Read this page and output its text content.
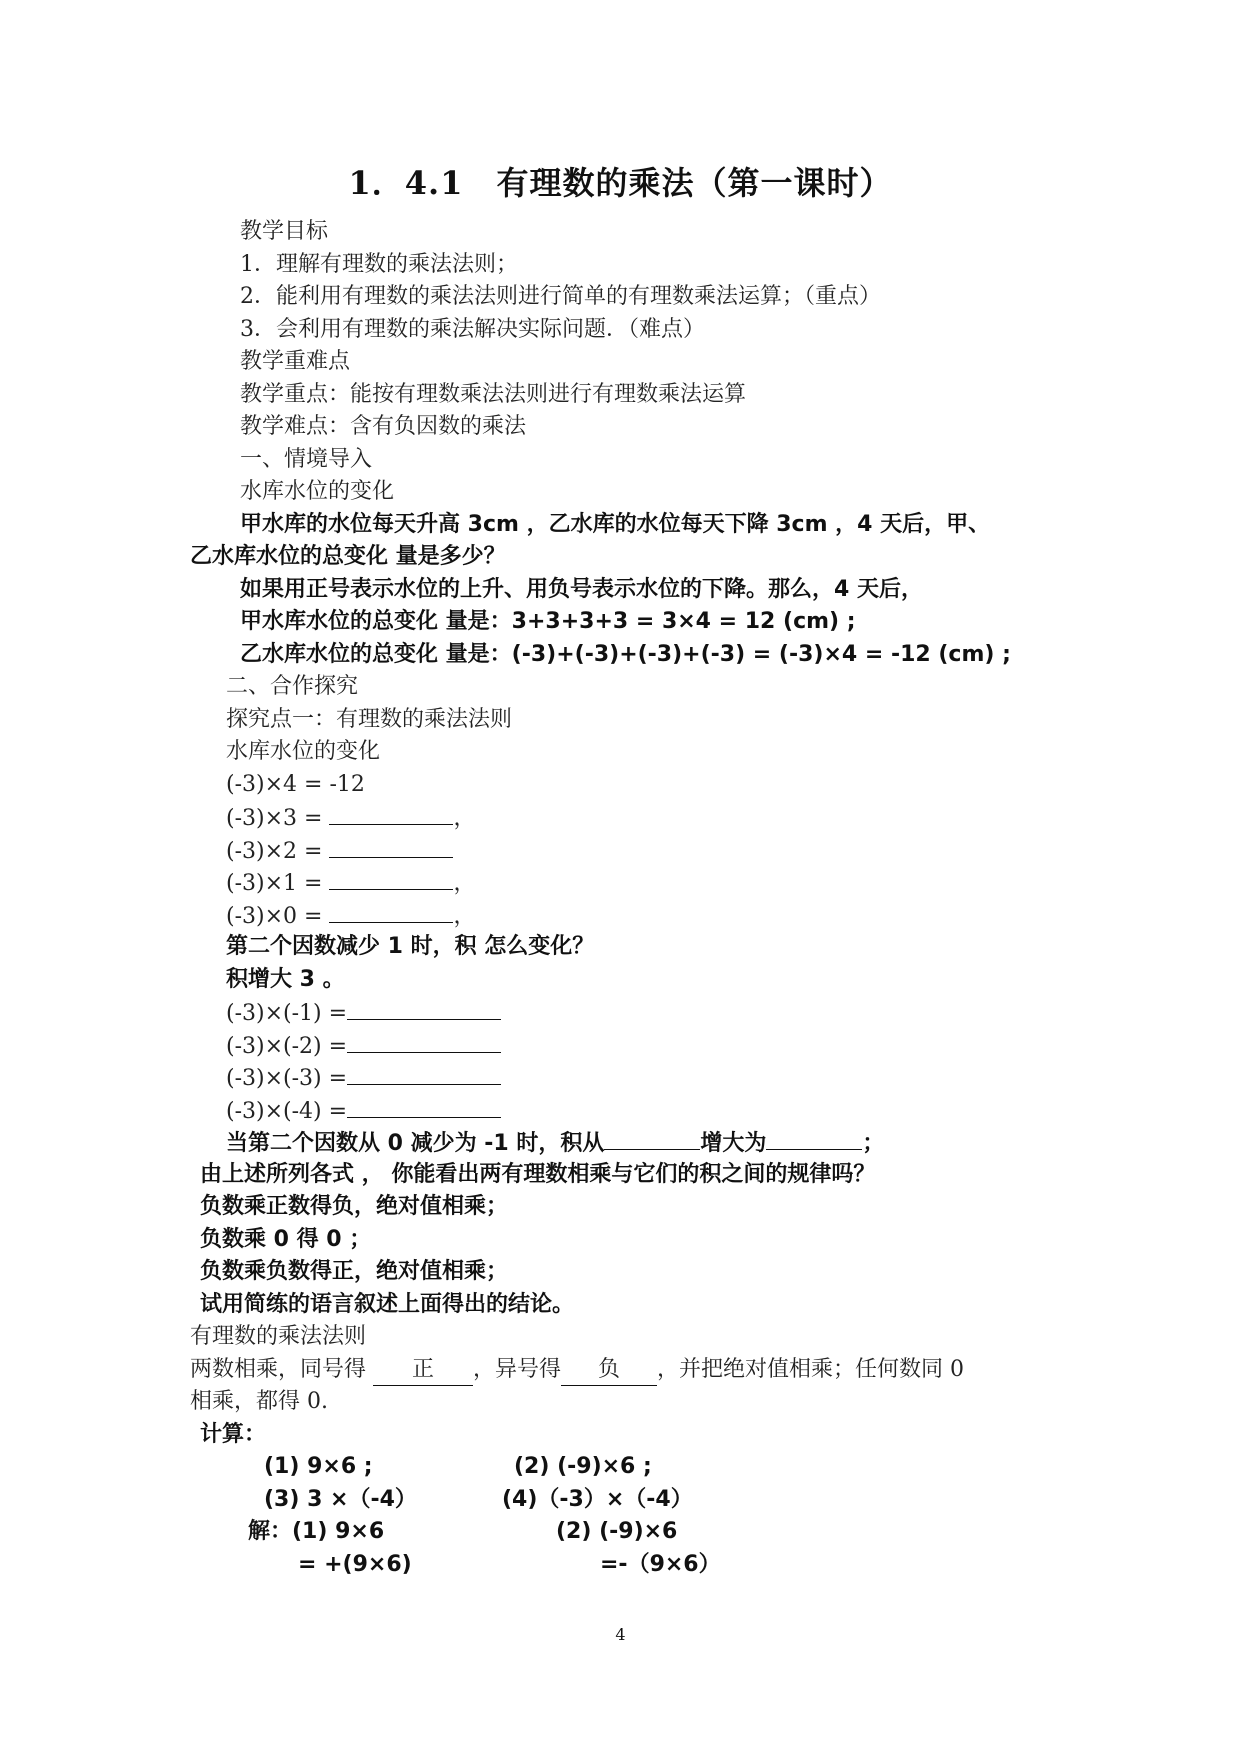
1．4.1　有理数的乘法（第一课时）
教学目标
1．理解有理数的乘法法则；
2．能利用有理数的乘法法则进行简单的有理数乘法运算；（重点）
3．会利用有理数的乘法解决实际问题．（难点）
教学重难点
教学重点：能按有理数乘法法则进行有理数乘法运算
教学难点：含有负因数的乘法
一、情境导入
水库水位的变化
甲水库的水位每天升高 3cm ，乙水库的水位每天下降 3cm ，4 天后，甲、
乙水库水位的总变化 量是多少？
如果用正号表示水位的上升、用负号表示水位的下降。那么，4 天后，
甲水库水位的总变化 量是：3+3+3+3 = 3×4 = 12 (cm) ;
乙水库水位的总变化 量是：(-3)+(-3)+(-3)+(-3) = (-3)×4 = -12 (cm) ;
二、合作探究
探究点一：有理数的乘法法则
水库水位的变化
(-3)×4 = -12
(-3)×3 =	，
(-3)×2 =
(-3)×1 =	，
(-3)×0 =	，
第二个因数减少 1 时，积 怎么变化？
积增大 3 。
(-3)×(-1) =
(-3)×(-2) =
(-3)×(-3) =
(-3)×(-4) =
当第二个因数从 0 减少为 -1 时，积从	增大为	；
由上述所列各式 ， 你能看出两有理数相乘与它们的积之间的规律吗？
负数乘正数得负，绝对值相乘；
负数乘 0 得 0 ；
负数乘负数得正，绝对值相乘；
试用简练的语言叙述上面得出的结论。
有理数的乘法法则
两数相乘，同号得 正 ，异号得 负 ，并把绝对值相乘；任何数同 0
相乘，都得 0.
计算：
(1) 9×6 ;	(2) (-9)×6 ;
(3) 3 ×（-4）	(4)（-3）×（-4）
解：(1) 9×6	(2) (-9)×6
= +(9×6)	=-（9×6）
4
